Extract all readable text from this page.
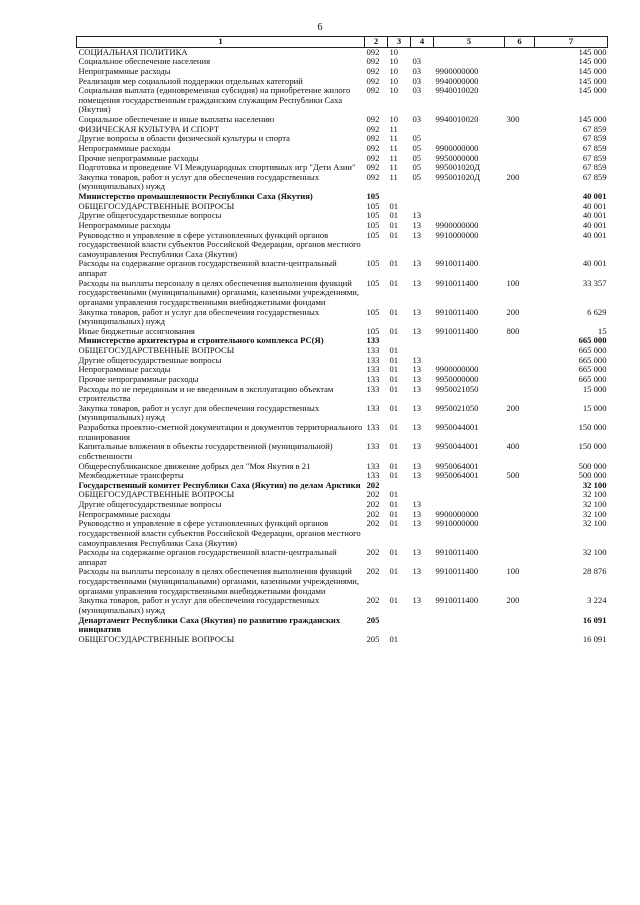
6
1	2	3	4	5	6	7
СОЦИАЛЬНАЯ ПОЛИТИКА	092	10				145 000
Социальное обеспечение населения	092	10	03			145 000
Непрограммные расходы	092	10	03	9900000000		145 000
Реализация мер социальной поддержки отдельных категорий	092	10	03	9940000000		145 000
Социальная выплата (единовременная субсидия) на приобретение жилого помещения государственным гражданским служащим Республики Саха (Якутия)	092	10	03	9940010020		145 000
Социальное обеспечение и иные выплаты населению	092	10	03	9940010020	300	145 000
ФИЗИЧЕСКАЯ КУЛЬТУРА И СПОРТ	092	11				67 859
Другие вопросы в области физической культуры и спорта	092	11	05			67 859
Непрограммные расходы	092	11	05	9900000000		67 859
Прочие непрограммные расходы	092	11	05	9950000000		67 859
Подготовка и проведение VI Международных спортивных игр "Дети Азии"	092	11	05	995001020Д		67 859
Закупка товаров, работ и услуг для обеспечения государственных (муниципальных) нужд	092	11	05	995001020Д	200	67 859
Министерство промышленности Республики Саха (Якутия)	105					40 001
ОБЩЕГОСУДАРСТВЕННЫЕ ВОПРОСЫ	105	01				40 001
Другие общегосударственные вопросы	105	01	13			40 001
Непрограммные расходы	105	01	13	9900000000		40 001
Руководство и управление в сфере установленных функций органов государственной власти субъектов Российской Федерации, органов местного самоуправления Республики Саха (Якутия)	105	01	13	9910000000		40 001
Расходы на содержание органов государственной власти-центральный аппарат	105	01	13	9910011400		40 001
Расходы на выплаты персоналу в целях обеспечения выполнения функций государственными (муниципальными) органами, казенными учреждениями, органами управления государственными внебюджетными фондами	105	01	13	9910011400	100	33 357
Закупка товаров, работ и услуг для обеспечения государственных (муниципальных) нужд	105	01	13	9910011400	200	6 629
Иные бюджетные ассигнования	105	01	13	9910011400	800	15
Министерство архитектуры и строительного комплекса РС(Я)	133					665 000
ОБЩЕГОСУДАРСТВЕННЫЕ ВОПРОСЫ	133	01				665 000
Другие общегосударственные вопросы	133	01	13			665 000
Непрограммные расходы	133	01	13	9900000000		665 000
Прочие непрограммные расходы	133	01	13	9950000000		665 000
Расходы по не переданным и не введенным в эксплуатацию объектам строительства	133	01	13	9950021050		15 000
Закупка товаров, работ и услуг для обеспечения государственных (муниципальных) нужд	133	01	13	9950021050	200	15 000
Разработка проектно-сметной документации и документов территориального планирования	133	01	13	9950044001		150 000
Капитальные вложения в объекты государственной (муниципальной) собственности	133	01	13	9950044001	400	150 000
Общереспубликанское движение добрых дел "Моя Якутия в 21	133	01	13	9950064001		500 000
Межбюджетные трансферты	133	01	13	9950064001	500	500 000
Государственный комитет Республики Саха (Якутия) по делам Арктики	202					32 100
ОБЩЕГОСУДАРСТВЕННЫЕ ВОПРОСЫ	202	01				32 100
Другие общегосударственные вопросы	202	01	13			32 100
Непрограммные расходы	202	01	13	9900000000		32 100
Руководство и управление в сфере установленных функций органов государственной власти субъектов Российской Федерации, органов местного самоуправления Республики Саха (Якутия)	202	01	13	9910000000		32 100
Расходы на содержание органов государственной власти-центральный аппарат	202	01	13	9910011400		32 100
Расходы на выплаты персоналу в целях обеспечения выполнения функций государственными (муниципальными) органами, казенными учреждениями, органами управления государственными внебюджетными фондами	202	01	13	9910011400	100	28 876
Закупка товаров, работ и услуг для обеспечения государственных (муниципальных) нужд	202	01	13	9910011400	200	3 224
Департамент Республики Саха (Якутия) по развитию гражданских инициатив	205					16 091
ОБЩЕГОСУДАРСТВЕННЫЕ ВОПРОСЫ	205	01				16 091
